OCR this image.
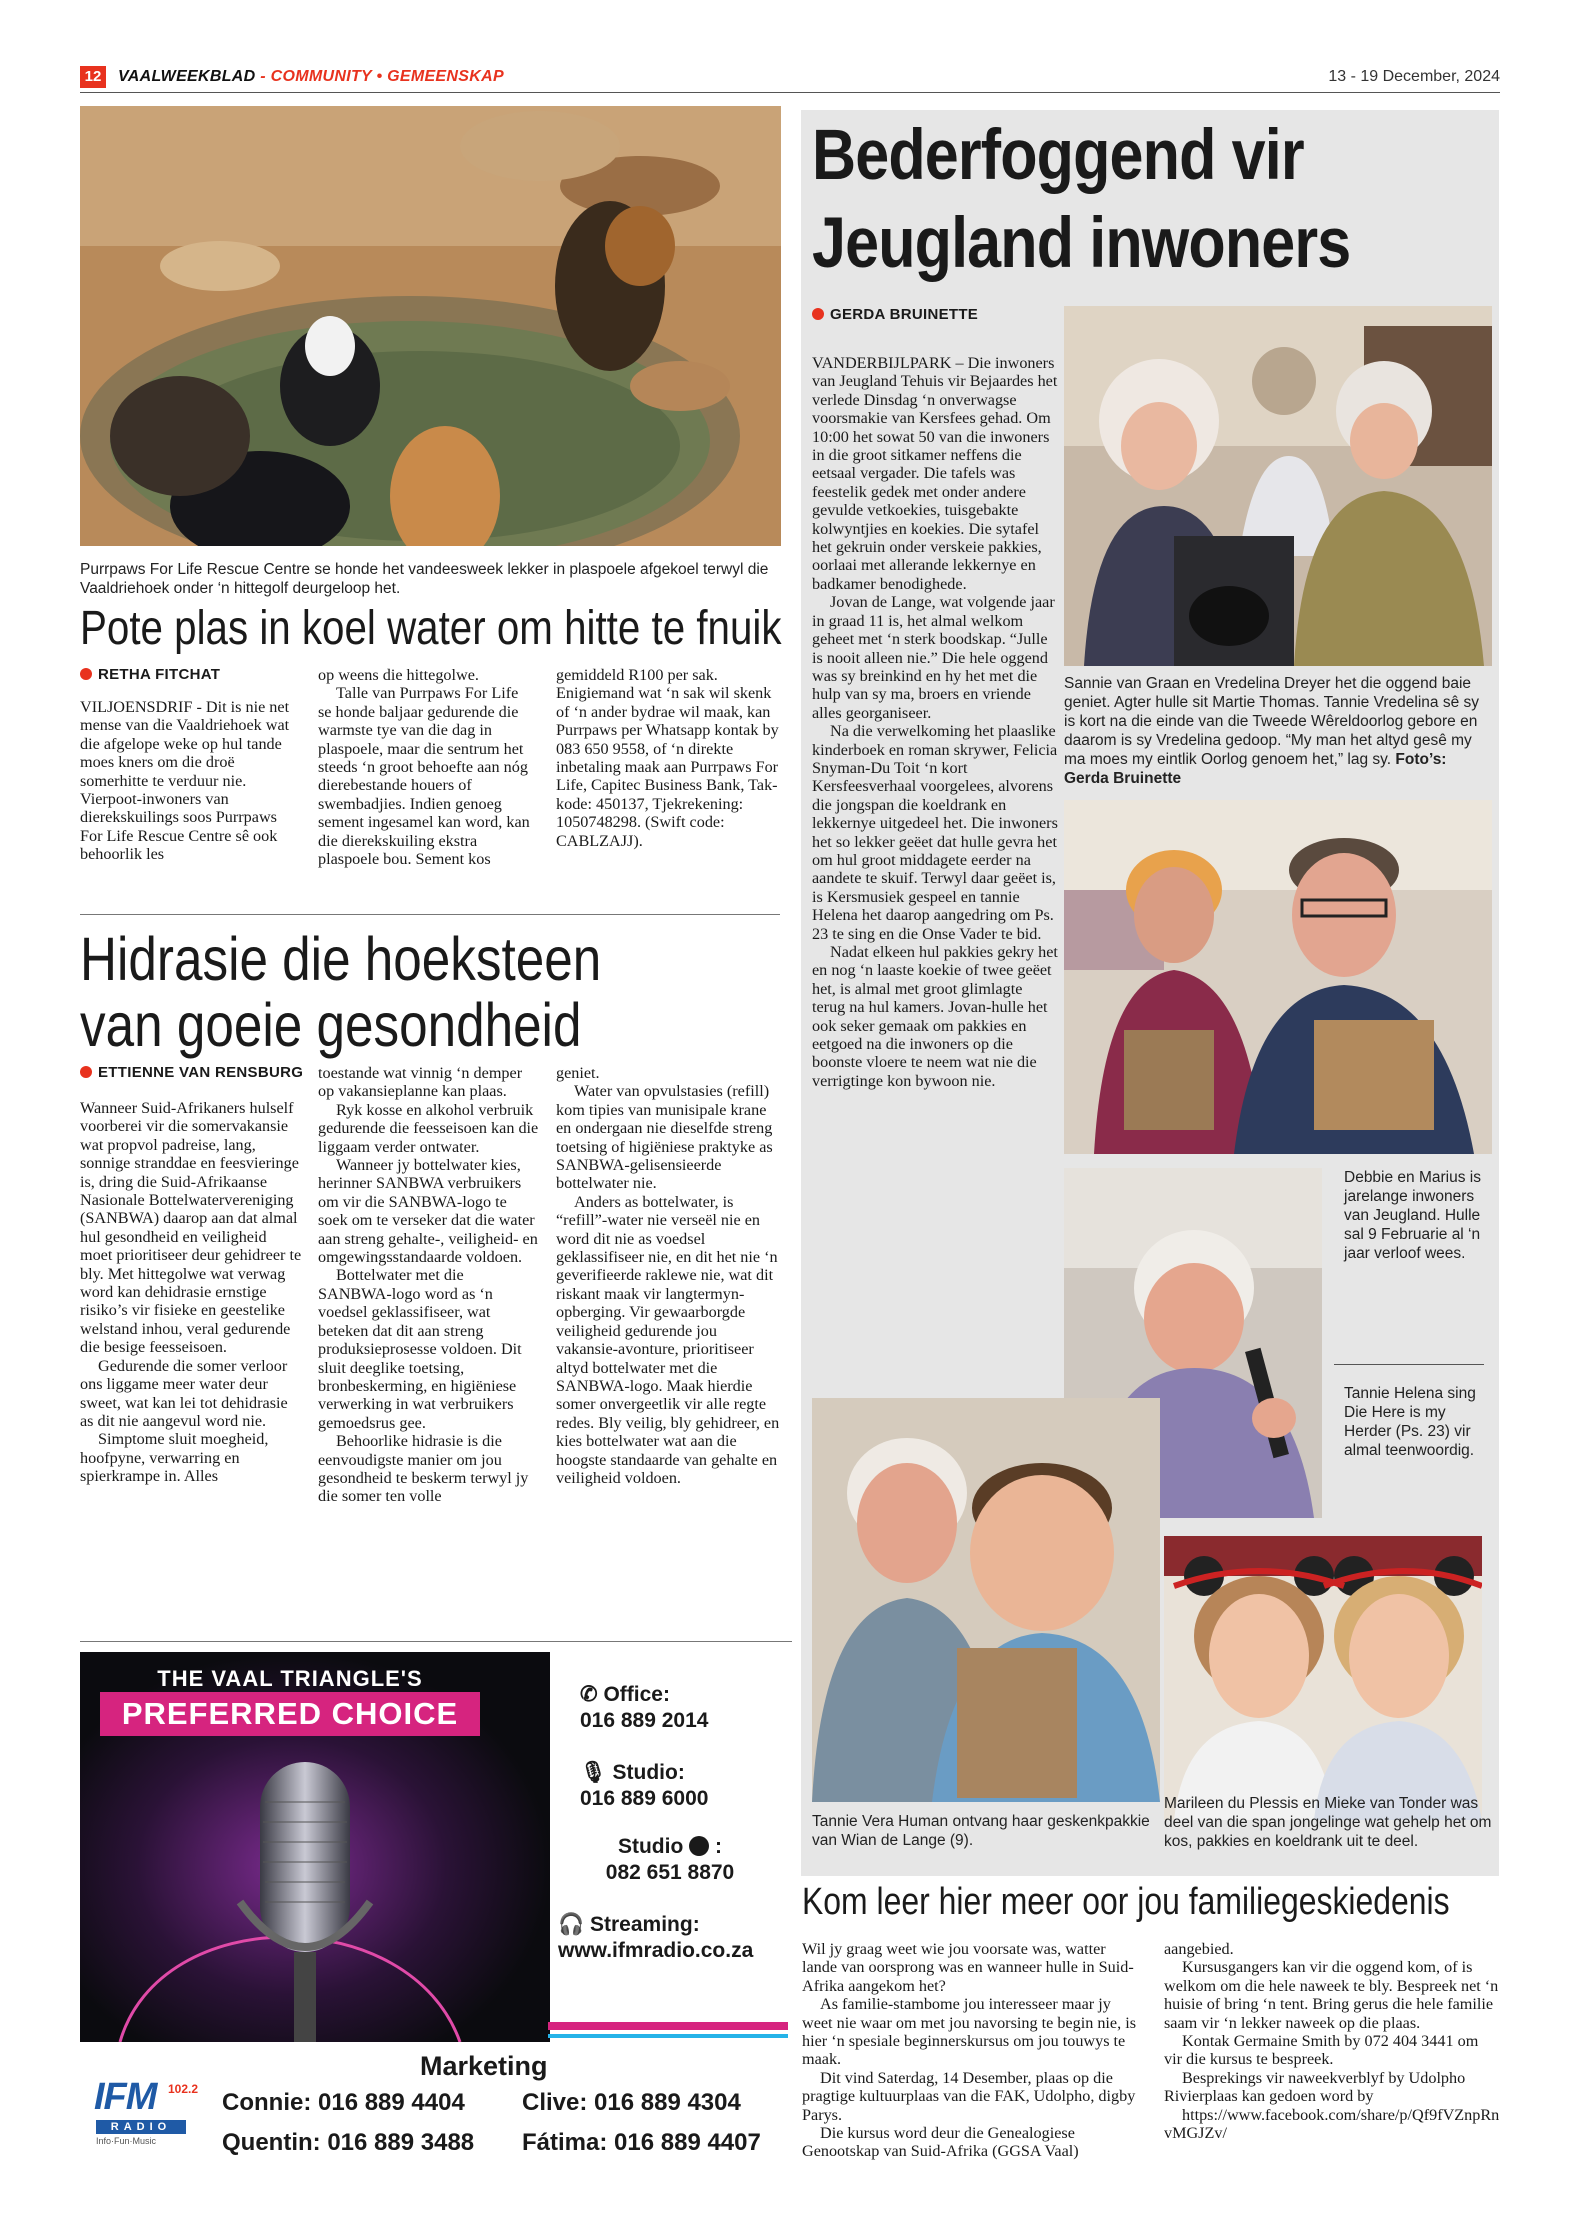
12 VAALWEEKBLAD - COMMUNITY • GEMEENSKAP	13 - 19 December, 2024
Purrpaws For Life Rescue Centre se honde het vandeesweek lekker in plaspoele afgekoel terwyl die Vaaldriehoek onder ‘n hittegolf deurgeloop het.
Pote plas in koel water om hitte te fnuik
RETHA FITCHAT

VILJOENSDRIF - Dit is nie net mense van die Vaaldriehoek wat die afgelope weke op hul tande moes kners om die droë somerhitte te verduur nie. Vierpoot-inwoners van dierekskuilings soos Purrpaws For Life Rescue Centre sê ook behoorlik les

op weens die hittegolwe.

Talle van Purrpaws For Life se honde baljaar gedurende die warmste tye van die dag in plaspoele, maar die sentrum het steeds ‘n groot behoefte aan nóg dierebestande houers of swembadjies. Indien genoeg sement ingesamel kan word, kan die dierekskuiling ekstra plaspoele bou. Sement kos

gemiddeld R100 per sak. Enigiemand wat ‘n sak wil skenk of ‘n ander bydrae wil maak, kan Purrpaws per Whatsapp kontak by 083 650 9558, of ‘n direkte inbetaling maak aan Purrpaws For Life, Capitec Business Bank, Tak-kode: 450137, Tjekrekening: 1050748298. (Swift code: CABLZAJJ).

Hidrasie die hoeksteen van goeie gesondheid
ETTIENNE VAN RENSBURG

Wanneer Suid-Afrikaners hulself voorberei vir die somervakansie wat propvol padreise, lang, sonnige stranddae en feesvieringe is, dring die Suid-Afrikaanse Nasionale Bottelwatervereniging (SANBWA) daarop aan dat almal hul gesondheid en veiligheid moet prioritiseer deur gehidreer te bly. Met hittegolwe wat verwag word kan dehidrasie ernstige risiko’s vir fisieke en geestelike welstand inhou, veral gedurende die besige feesseisoen.

Gedurende die somer verloor ons liggame meer water deur sweet, wat kan lei tot dehidrasie as dit nie aangevul word nie.

Simptome sluit moegheid, hoofpyne, verwarring en spierkrampe in. Alles

toestande wat vinnig ‘n demper op vakansieplanne kan plaas.

Ryk kosse en alkohol verbruik gedurende die feesseisoen kan die liggaam verder ontwater.

Wanneer jy bottelwater kies, herinner SANBWA verbruikers om vir die SANBWA-logo te soek om te verseker dat die water aan streng gehalte-, veiligheid- en omgewingsstandaarde voldoen.

Bottelwater met die SANBWA-logo word as ‘n voedsel geklassifiseer, wat beteken dat dit aan streng produksieprosesse voldoen. Dit sluit deeglike toetsing, bronbeskerming, en higiëniese verwerking in wat verbruikers gemoedsrus gee.

Behoorlike hidrasie is die eenvoudigste manier om jou gesondheid te beskerm terwyl jy die somer ten volle

geniet.

Water van opvulstasies (refill) kom tipies van munisipale krane en ondergaan nie dieselfde streng toetsing of higiëniese praktyke as SANBWA-gelisensieerde bottelwater nie.

Anders as bottelwater, is “refill”-water nie verseël nie en word dit nie as voedsel geklassifiseer nie, en dit het nie ‘n geverifieerde raklewe nie, wat dit riskant maak vir langtermyn-opberging. Vir gewaarborgde veiligheid gedurende jou vakansie-avonture, prioritiseer altyd bottelwater met die SANBWA-logo. Maak hierdie somer onvergeetlik vir alle regte redes. Bly veilig, bly gehidreer, en kies bottelwater wat aan die hoogste standaarde van gehalte en veiligheid voldoen.

THE VAAL TRIANGLE'S
PREFERRED CHOICE
✆ Office:
016 889 2014
🎙 Studio:
016 889 6000
Studio :
082 651 8870
🎧 Streaming:
www.ifmradio.co.za
Marketing
IFM 102.2
RADIO
Info·Fun·Music
Connie: 016 889 4404 Clive: 016 889 4304
Quentin: 016 889 3488 Fátima: 016 889 4407
Bederfoggend vir Jeugland inwoners
GERDA BRUINETTE

VANDERBIJLPARK – Die inwoners van Jeugland Tehuis vir Bejaardes het verlede Dinsdag ‘n onverwagse voorsmakie van Kersfees gehad. Om 10:00 het sowat 50 van die inwoners in die groot sitkamer neffens die eetsaal vergader. Die tafels was feestelik gedek met onder andere gevulde vetkoekies, tuisgebakte kolwyntjies en koekies. Die sytafel het gekruin onder verskeie pakkies, oorlaai met allerande lekkernye en badkamer benodighede.

Jovan de Lange, wat volgende jaar in graad 11 is, het almal welkom geheet met ‘n sterk boodskap. “Julle is nooit alleen nie.” Die hele oggend was sy breinkind en hy het met die hulp van sy ma, broers en vriende alles georganiseer.

Na die verwelkoming het plaaslike kinderboek en roman skrywer, Felicia Snyman-Du Toit ‘n kort Kersfeesverhaal voorgelees, alvorens die jongspan die koeldrank en lekkernye uitgedeel het. Die inwoners het so lekker geëet dat hulle gevra het om hul groot middagete eerder na aandete te skuif. Terwyl daar geëet is, is Kersmusiek gespeel en tannie Helena het daarop aangedring om Ps. 23 te sing en die Onse Vader te bid.

Nadat elkeen hul pakkies gekry het en nog ‘n laaste koekie of twee geëet het, is almal met groot glimlagte terug na hul kamers. Jovan-hulle het ook seker gemaak om pakkies en eetgoed na die inwoners op die boonste vloere te neem wat nie die verrigtinge kon bywoon nie.

Sannie van Graan en Vredelina Dreyer het die oggend baie geniet. Agter hulle sit Martie Thomas. Tannie Vredelina sê sy is kort na die einde van die Tweede Wêreldoorlog gebore en daarom is sy Vredelina gedoop. “My man het altyd gesê my ma moes my eintlik Oorlog genoem het,” lag sy. Foto’s: Gerda Bruinette
Debbie en Marius is jarelange inwoners van Jeugland. Hulle sal 9 Februarie al ‘n jaar verloof wees.
Tannie Helena sing Die Here is my Herder (Ps. 23) vir almal teenwoordig.
Tannie Vera Human ontvang haar geskenkpakkie van Wian de Lange (9).
Marileen du Plessis en Mieke van Tonder was deel van die span jongelinge wat gehelp het om kos, pakkies en koeldrank uit te deel.
Kom leer hier meer oor jou familiegeskiedenis

Wil jy graag weet wie jou voorsate was, watter lande van oorsprong was en wanneer hulle in Suid-Afrika aangekom het?

As familie-stambome jou interesseer maar jy weet nie waar om met jou navorsing te begin nie, is hier ‘n spesiale beginnerskursus om jou touwys te maak.

Dit vind Saterdag, 14 Desember, plaas op die pragtige kultuurplaas van die FAK, Udolpho, digby Parys.

Die kursus word deur die Genealogiese Genootskap van Suid-Afrika (GGSA Vaal)

aangebied.

Kursusgangers kan vir die oggend kom, of is welkom om die hele naweek te bly. Bespreek net ‘n huisie of bring ‘n tent. Bring gerus die hele familie saam vir ‘n lekker naweek op die plaas.

Kontak Germaine Smith by 072 404 3441 om vir die kursus te bespreek.

Besprekings vir naweekverblyf by Udolpho Rivierplaas kan gedoen word by

https://www.facebook.com/share/p/Qf9fVZnpRnvMGJZv/
